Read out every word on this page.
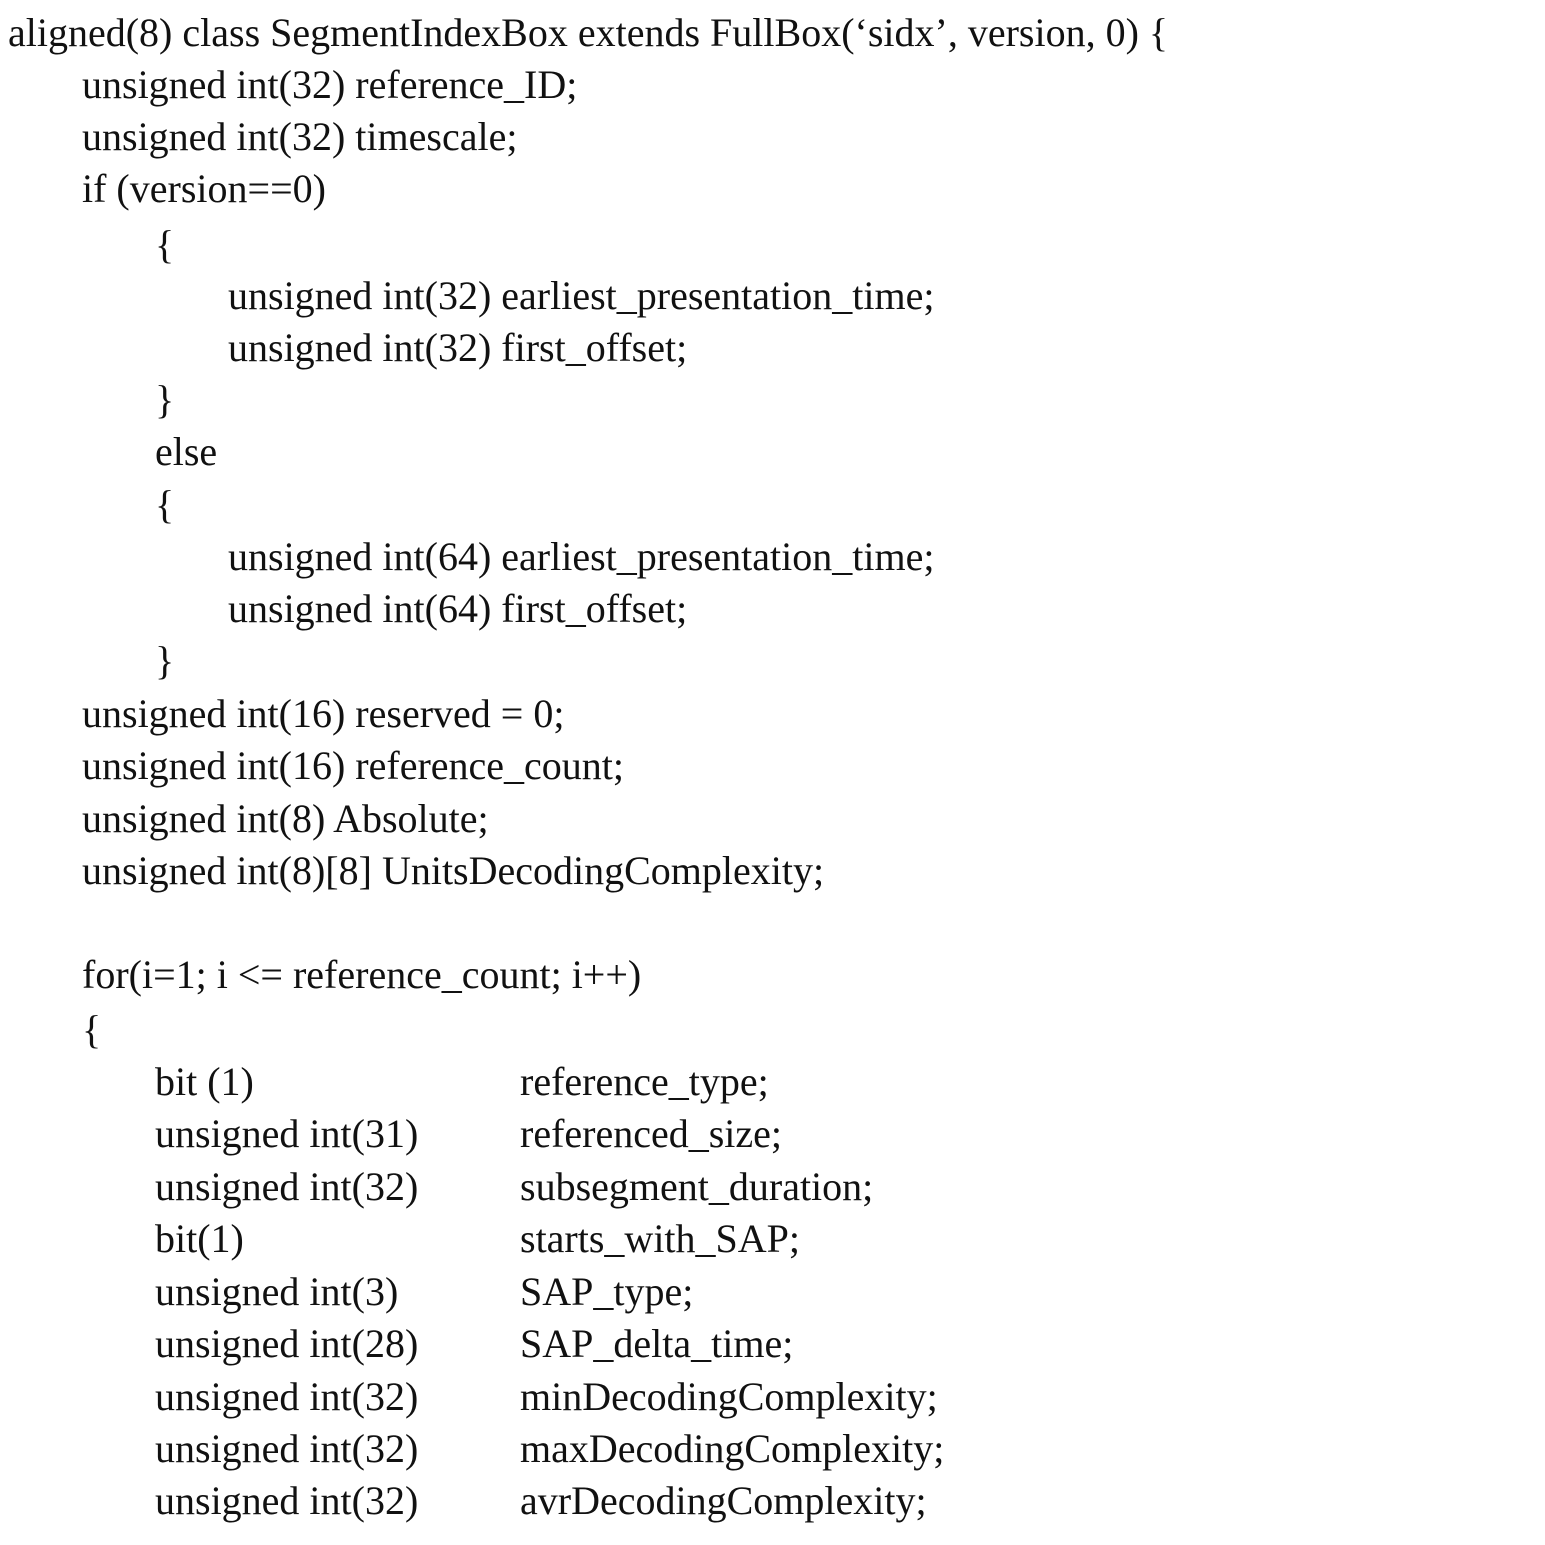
aligned(8) class SegmentIndexBox extends FullBox(‘sidx’, version, 0) {
unsigned int(32) reference_ID;
unsigned int(32) timescale;
if (version==0)
{
unsigned int(32) earliest_presentation_time;
unsigned int(32) first_offset;
}
else
{
unsigned int(64) earliest_presentation_time;
unsigned int(64) first_offset;
}
unsigned int(16) reserved = 0;
unsigned int(16) reference_count;
unsigned int(8) Absolute;
unsigned int(8)[8] UnitsDecodingComplexity;
for(i=1; i <= reference_count; i++)
{
bit (1)	reference_type;
unsigned int(31)	referenced_size;
unsigned int(32)	subsegment_duration;
bit(1)	starts_with_SAP;
unsigned int(3)	SAP_type;
unsigned int(28)	SAP_delta_time;
unsigned int(32)	minDecodingComplexity;
unsigned int(32)	maxDecodingComplexity;
unsigned int(32)	avrDecodingComplexity;
